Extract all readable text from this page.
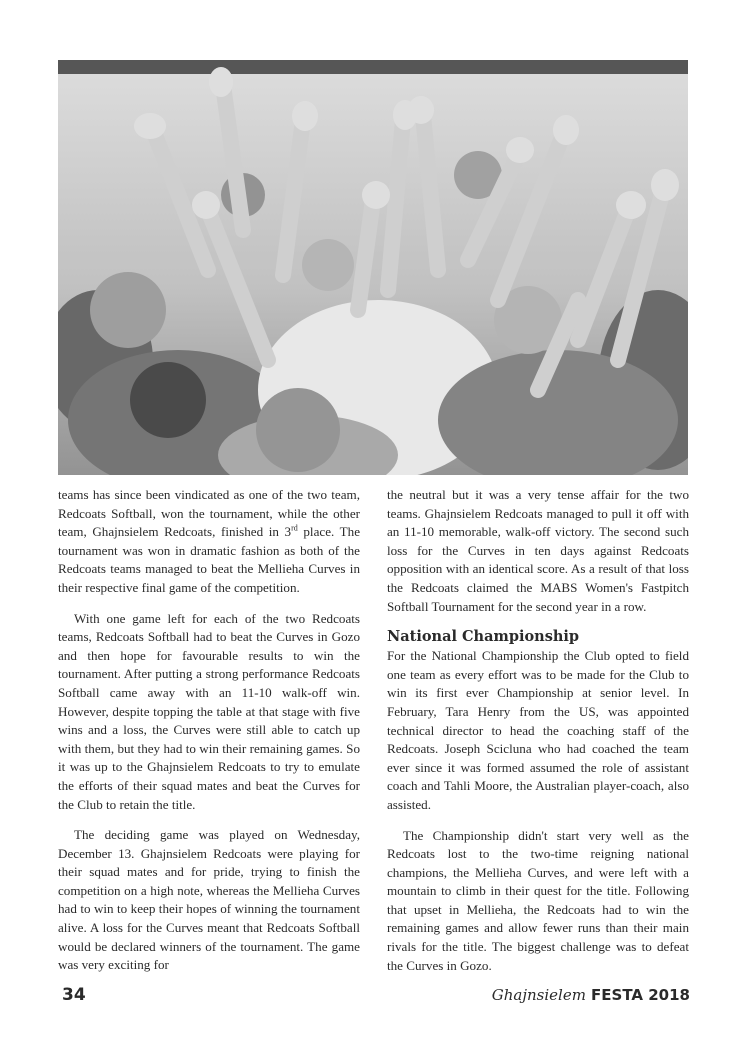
teams has since been vindicated as one of the two team, Redcoats Softball, won the tournament, while the other team, Ghajnsielem Redcoats, finished in 3rd place. The tournament was won in dramatic fashion as both of the Redcoats teams managed to beat the Mellieha Curves in their respective final game of the competition.

With one game left for each of the two Redcoats teams, Redcoats Softball had to beat the Curves in Gozo and then hope for favourable results to win the tournament. After putting a strong performance Redcoats Softball came away with an 11-10 walk-off win. However, despite topping the table at that stage with five wins and a loss, the Curves were still able to catch up with them, but they had to win their remaining games. So it was up to the Ghajnsielem Redcoats to try to emulate the efforts of their squad mates and beat the Curves for the Club to retain the title.

The deciding game was played on Wednesday, December 13. Ghajnsielem Redcoats were playing for their squad mates and for pride, trying to finish the competition on a high note, whereas the Mellieha Curves had to win to keep their hopes of winning the tournament alive. A loss for the Curves meant that Redcoats Softball would be declared winners of the tournament. The game was very exciting for

the neutral but it was a very tense affair for the two teams. Ghajnsielem Redcoats managed to pull it off with an 11-10 memorable, walk-off victory. The second such loss for the Curves in ten days against Redcoats opposition with an identical score. As a result of that loss the Redcoats claimed the MABS Women's Fastpitch Softball Tournament for the second year in a row.

National Championship

For the National Championship the Club opted to field one team as every effort was to be made for the Club to win its first ever Championship at senior level. In February, Tara Henry from the US, was appointed technical director to head the coaching staff of the Redcoats. Joseph Scicluna who had coached the team ever since it was formed assumed the role of assistant coach and Tahli Moore, the Australian player-coach, also assisted.

The Championship didn't start very well as the Redcoats lost to the two-time reigning national champions, the Mellieha Curves, and were left with a mountain to climb in their quest for the title. Following that upset in Mellieha, the Redcoats had to win the remaining games and allow fewer runs than their main rivals for the title. The biggest challenge was to defeat the Curves in Gozo.

34	Ghajnsielem FESTA 2018
